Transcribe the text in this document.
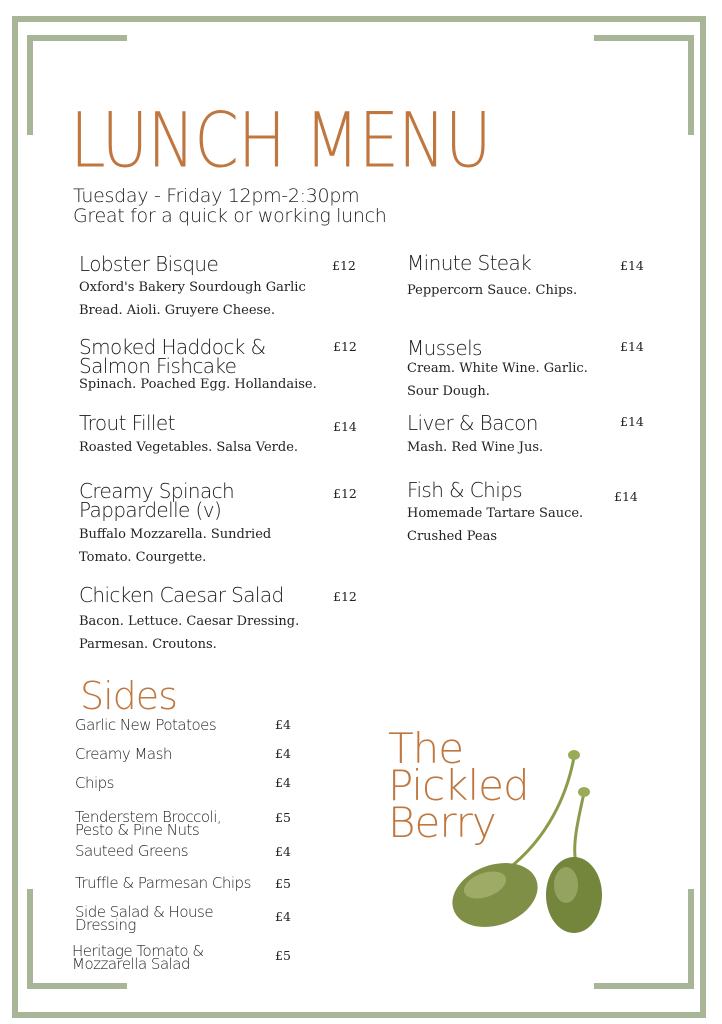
LUNCH MENU
Tuesday - Friday 12pm-2:30pm
Great for a quick or working lunch
Lobster Bisque	£12
Oxford's Bakery Sourdough Garlic Bread. Aioli. Gruyere Cheese.
Smoked Haddock & Salmon Fishcake
£12
Spinach. Poached Egg. Hollandaise.
Trout Fillet	£14
Roasted Vegetables. Salsa Verde.
Creamy Spinach Pappardelle (v)
£12
Buffalo Mozzarella. Sundried Tomato. Courgette.
Chicken Caesar Salad	£12
Bacon. Lettuce. Caesar Dressing. Parmesan. Croutons.
Minute Steak	£14
Peppercorn Sauce. Chips.
Mussels	£14
Cream. White Wine. Garlic. Sour Dough.
Liver & Bacon	£14
Mash. Red Wine Jus.
Fish & Chips	£14
Homemade Tartare Sauce. Crushed Peas
Sides
Garlic New Potatoes	£4
Creamy Mash	£4
Chips	£4
Tenderstem Broccoli, Pesto & Pine Nuts
£5
Sauteed Greens	£4
Truffle & Parmesan Chips	£5
Side Salad & House Dressing	£4
Heritage Tomato & Mozzarella Salad	£5
The
Pickled
Berry
